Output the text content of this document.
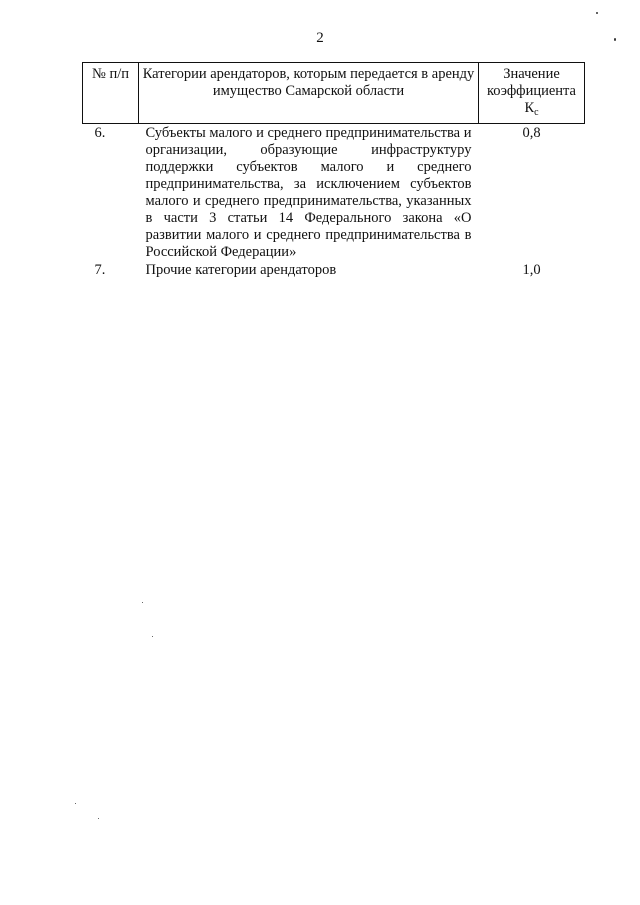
2
№ п/п	Категории арендаторов, которым передается в аренду имущество Самарской области	Значение коэффициента $К_с$
6.	Субъекты малого и среднего предпринимательства и организации, образующие инфраструктуру поддержки субъектов малого и среднего предпринимательства, за исключением субъектов малого и среднего предпринимательства, указанных в части 3 статьи 14 Федерального закона «О развитии малого и среднего предпринимательства в Российской Федерации»	0,8
7.	Прочие категории арендаторов	1,0
